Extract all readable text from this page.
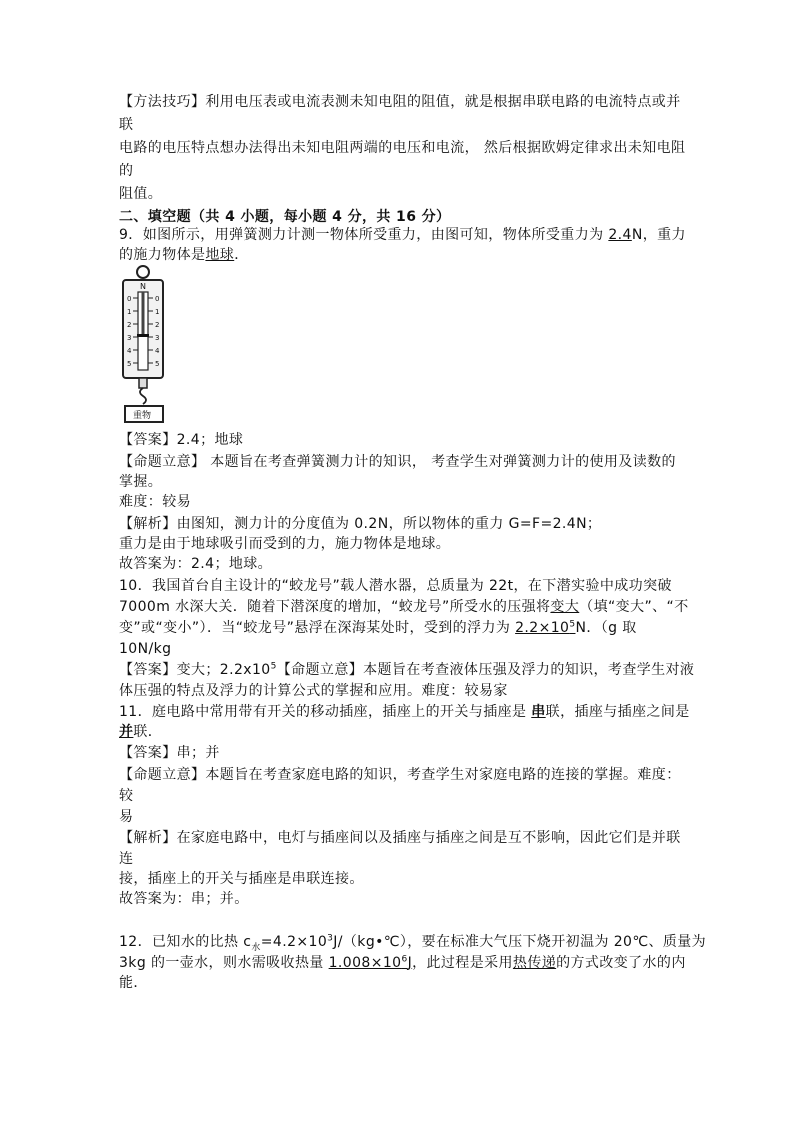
【方法技巧】利用电压表或电流表测未知电阻的阻值，就是根据串联电路的电流特点或并
联
电路的电压特点想办法得出未知电阻两端的电压和电流， 然后根据欧姆定律求出未知电阻
的
阻值。
二、填空题（共 4 小题，每小题 4 分，共 16 分）
9．如图所示，用弹簧测力计测一物体所受重力，由图可知，物体所受重力为 2.4N，重力
的施力物体是地球．
N
0
1
2
3
4
5
0
1
2
3
4
5
重物
【答案】2.4；地球
【命题立意】 本题旨在考查弹簧测力计的知识， 考查学生对弹簧测力计的使用及读数的
掌握。
难度：较易
【解析】由图知，测力计的分度值为 0.2N，所以物体的重力 G=F=2.4N；
重力是由于地球吸引而受到的力，施力物体是地球。
故答案为：2.4；地球。
10．我国首台自主设计的“蛟龙号”载人潜水器，总质量为 22t，在下潜实验中成功突破
7000m 水深大关．随着下潜深度的增加，“蛟龙号”所受水的压强将变大（填“变大”、“不
变”或“变小”）．当“蛟龙号”悬浮在深海某处时，受到的浮力为 $2.2\times 10^5N$．（g 取
10N/kg
【答案】变大；$2.2x10^5$【命题立意】本题旨在考查液体压强及浮力的知识，考查学生对液
体压强的特点及浮力的计算公式的掌握和应用。难度：较易家
11．庭电路中常用带有开关的移动插座，插座上的开关与插座是 串联，插座与插座之间是
并联．
【答案】串；并
【命题立意】本题旨在考查家庭电路的知识，考查学生对家庭电路的连接的掌握。难度：
较
易
【解析】在家庭电路中，电灯与插座间以及插座与插座之间是互不影响，因此它们是并联
连
接，插座上的开关与插座是串联连接。
故答案为：串；并。
12．已知水的比热 $c_水=4.2\times 10^3J/(kg•℃)$，要在标准大气压下烧开初温为 20℃、质量为
3kg 的一壶水，则水需吸收热量 $1.008\times 10^6J$，此过程是采用热传递的方式改变了水的内
能．
